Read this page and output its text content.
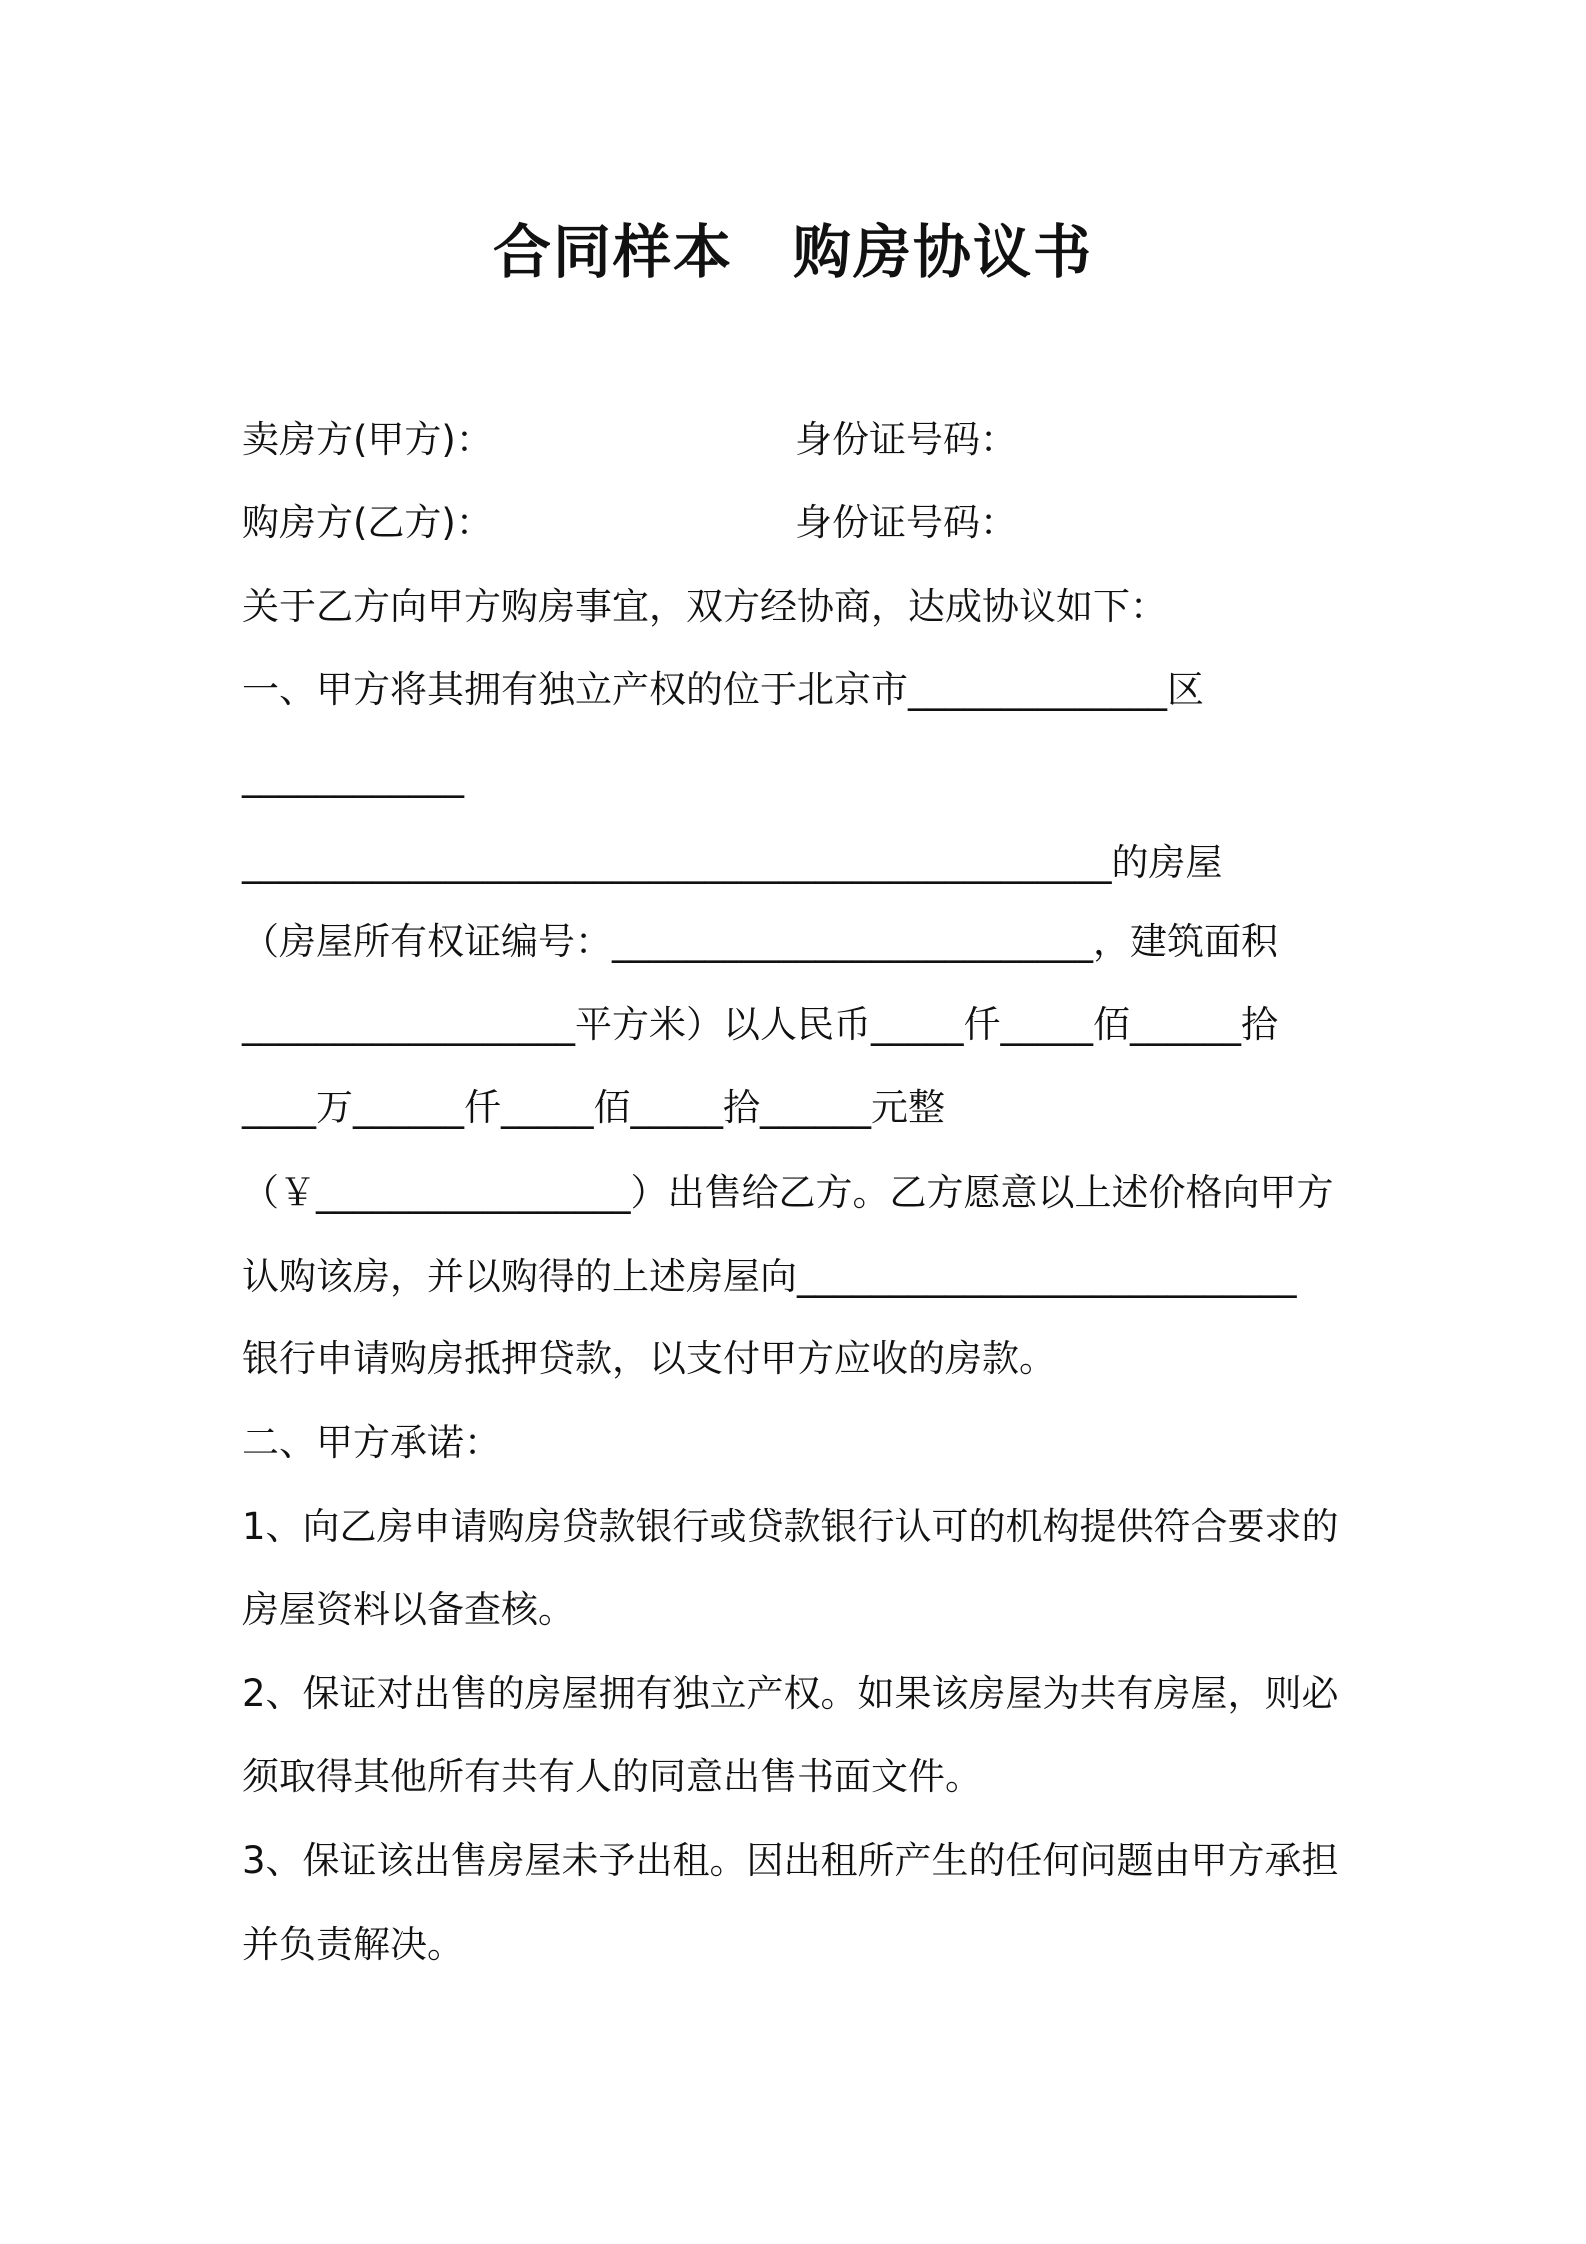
合同样本　购房协议书
卖房方(甲方)：	身份证号码：
购房方(乙方)：	身份证号码：
关于乙方向甲方购房事宜，双方经协商，达成协议如下：
一、甲方将其拥有独立产权的位于北京市______________区
____________
_______________________________________________的房屋
（房屋所有权证编号：__________________________，建筑面积
__________________平方米）以人民币_____仟_____佰______拾
____万______仟_____佰_____拾______元整
（￥_________________）出售给乙方。乙方愿意以上述价格向甲方
认购该房，并以购得的上述房屋向___________________________
银行申请购房抵押贷款，以支付甲方应收的房款。
二、甲方承诺：
1、向乙房申请购房贷款银行或贷款银行认可的机构提供符合要求的
房屋资料以备查核。
2、保证对出售的房屋拥有独立产权。如果该房屋为共有房屋，则必
须取得其他所有共有人的同意出售书面文件。
3、保证该出售房屋未予出租。因出租所产生的任何问题由甲方承担
并负责解决。
